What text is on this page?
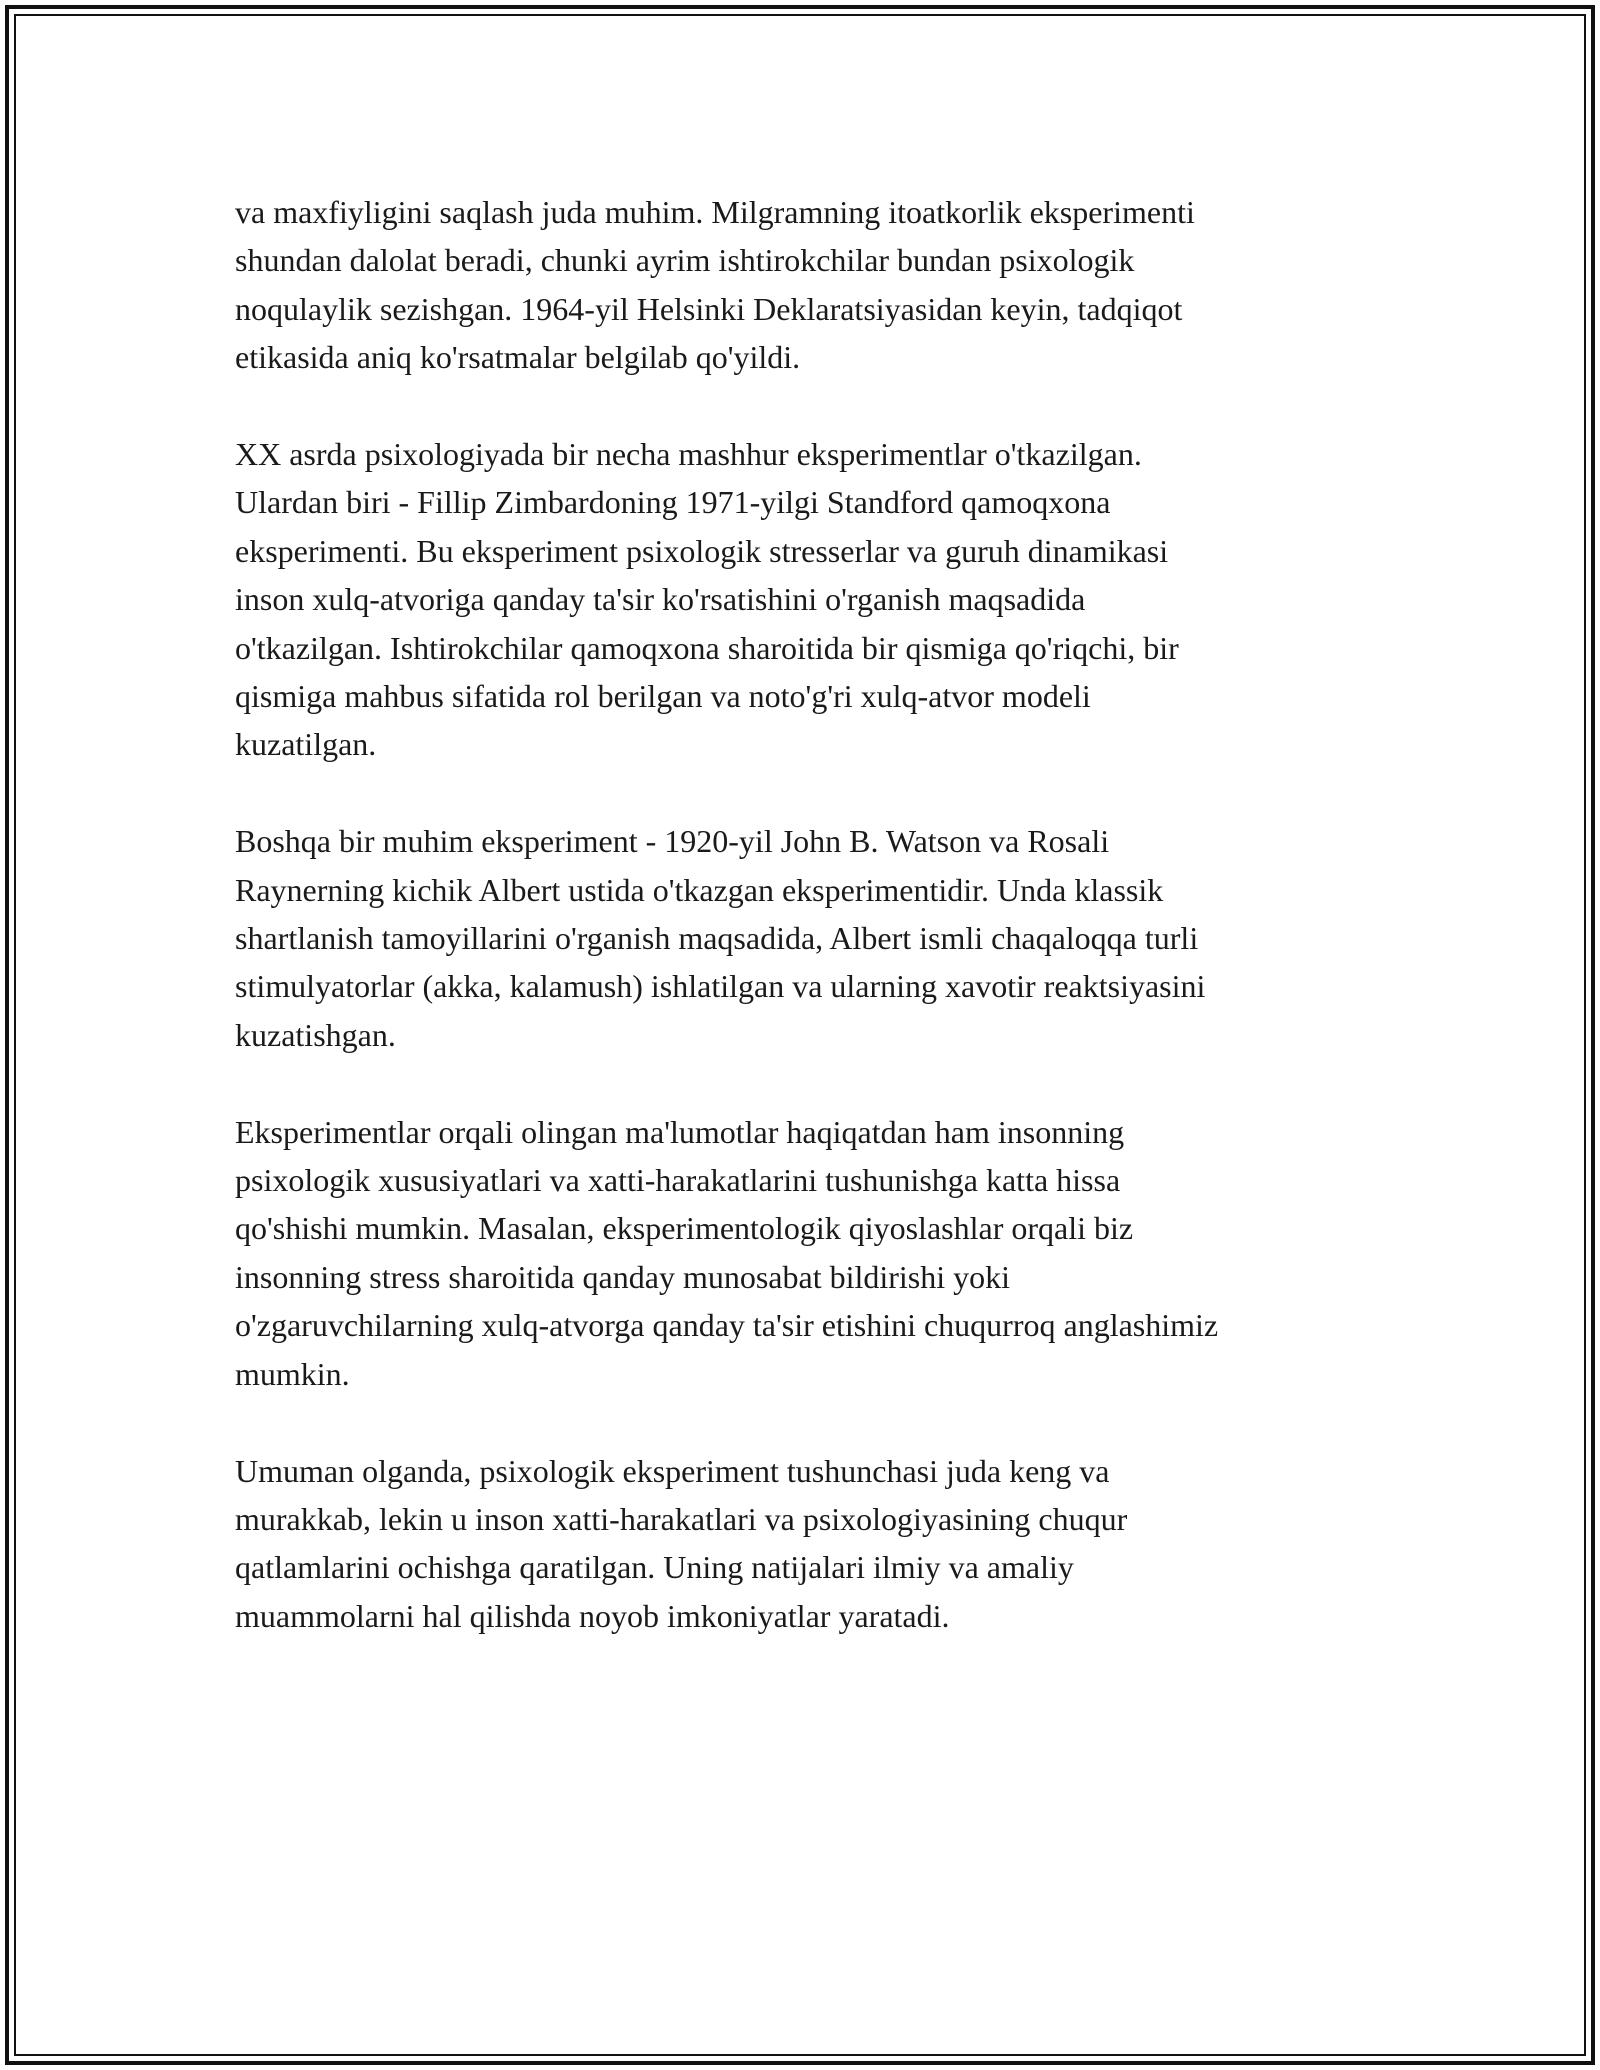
va maxfiyligini saqlash juda muhim. Milgramning itoatkorlik eksperimenti
shundan dalolat beradi, chunki ayrim ishtirokchilar bundan psixologik
noqulaylik sezishgan. 1964-yil Helsinki Deklaratsiyasidan keyin, tadqiqot
etikasida aniq ko'rsatmalar belgilab qo'yildi.

XX asrda psixologiyada bir necha mashhur eksperimentlar o'tkazilgan.
Ulardan biri - Fillip Zimbardoning 1971-yilgi Standford qamoqxona
eksperimenti. Bu eksperiment psixologik stresserlar va guruh dinamikasi
inson xulq-atvoriga qanday ta'sir ko'rsatishini o'rganish maqsadida
o'tkazilgan. Ishtirokchilar qamoqxona sharoitida bir qismiga qo'riqchi, bir
qismiga mahbus sifatida rol berilgan va noto'g'ri xulq-atvor modeli
kuzatilgan.

Boshqa bir muhim eksperiment - 1920-yil John B. Watson va Rosali
Raynerning kichik Albert ustida o'tkazgan eksperimentidir. Unda klassik
shartlanish tamoyillarini o'rganish maqsadida, Albert ismli chaqaloqqa turli
stimulyatorlar (akka, kalamush) ishlatilgan va ularning xavotir reaktsiyasini
kuzatishgan.

Eksperimentlar orqali olingan ma'lumotlar haqiqatdan ham insonning
psixologik xususiyatlari va xatti-harakatlarini tushunishga katta hissa
qo'shishi mumkin. Masalan, eksperimentologik qiyoslashlar orqali biz
insonning stress sharoitida qanday munosabat bildirishi yoki
o'zgaruvchilarning xulq-atvorga qanday ta'sir etishini chuqurroq anglashimiz
mumkin.

Umuman olganda, psixologik eksperiment tushunchasi juda keng va
murakkab, lekin u inson xatti-harakatlari va psixologiyasining chuqur
qatlamlarini ochishga qaratilgan. Uning natijalari ilmiy va amaliy
muammolarni hal qilishda noyob imkoniyatlar yaratadi.
